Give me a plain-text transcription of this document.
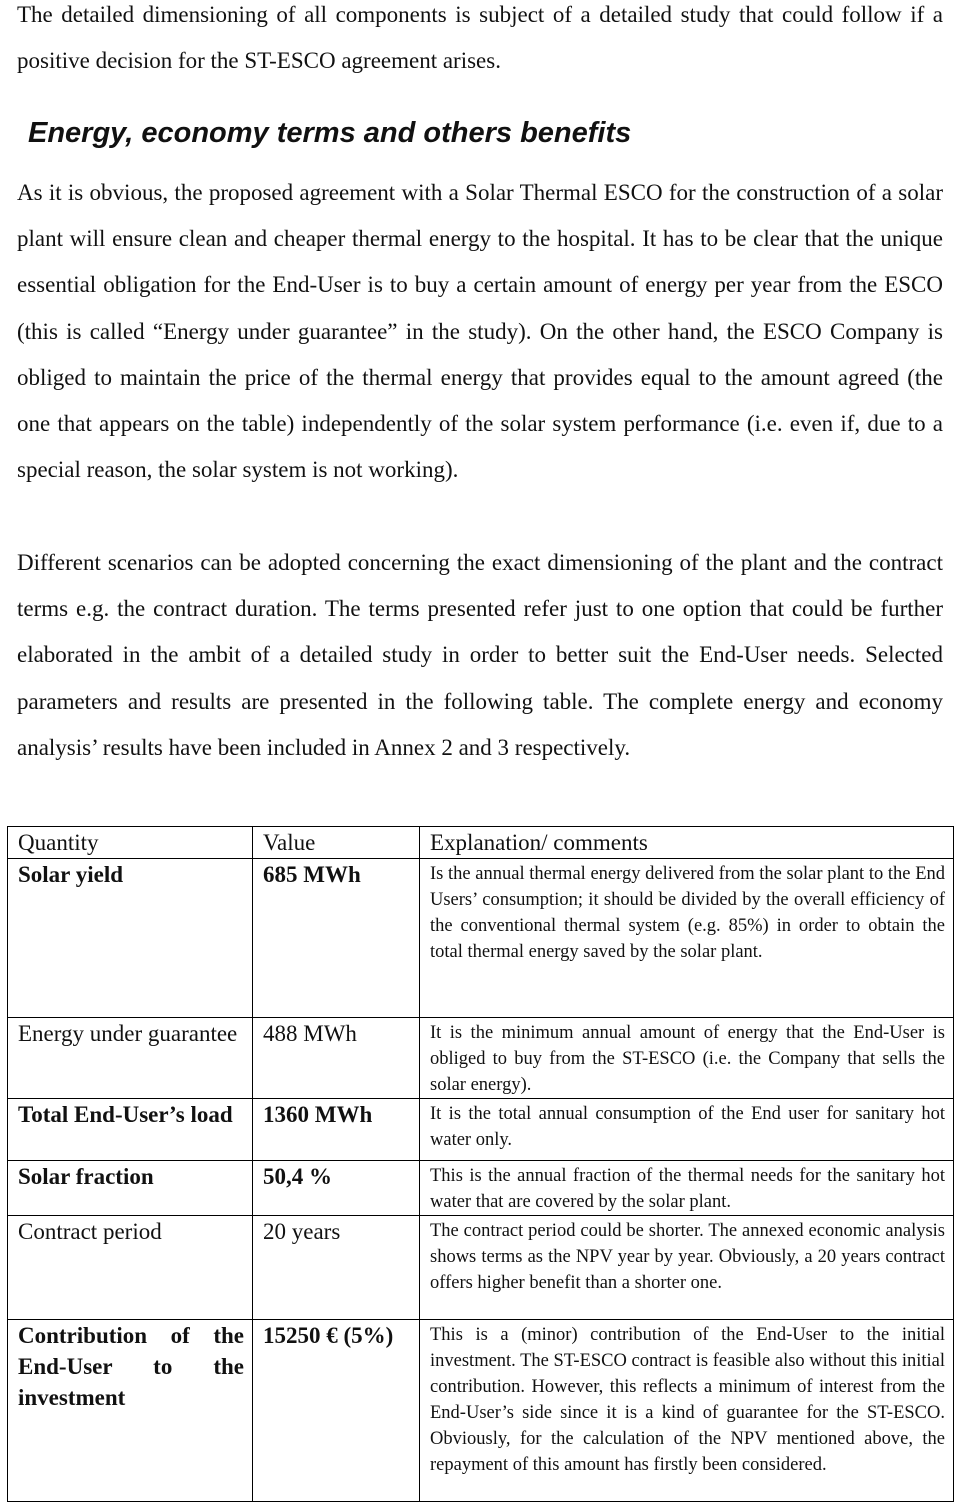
The detailed dimensioning of all components is subject of a detailed study that could follow if a positive decision for the ST-ESCO agreement arises.

Energy, economy terms and others benefits

As it is obvious, the proposed agreement with a Solar Thermal ESCO for the construction of a solar plant will ensure clean and cheaper thermal energy to the hospital. It has to be clear that the unique essential obligation for the End-User is to buy a certain amount of energy per year from the ESCO (this is called “Energy under guarantee” in the study). On the other hand, the ESCO Company is obliged to maintain the price of the thermal energy that provides equal to the amount agreed (the one that appears on the table) independently of the solar system performance (i.e. even if, due to a special reason, the solar system is not working).

Different scenarios can be adopted concerning the exact dimensioning of the plant and the contract terms e.g. the contract duration. The terms presented refer just to one option that could be further elaborated in the ambit of a detailed study in order to better suit the End-User needs. Selected parameters and results are presented in the following table. The complete energy and economy analysis’ results have been included in Annex 2 and 3 respectively.

Quantity	Value	Explanation/ comments
Solar yield	685 MWh	Is the annual thermal energy delivered from the solar plant to the End Users’ consumption; it should be divided by the overall efficiency of the conventional thermal system (e.g. 85%) in order to obtain the total thermal energy saved by the solar plant.
Energy under guarantee	488 MWh	It is the minimum annual amount of energy that the End-User is obliged to buy from the ST-ESCO (i.e. the Company that sells the solar energy).
Total End-User’s load	1360 MWh	It is the total annual consumption of the End user for sanitary hot water only.
Solar fraction	50,4 %	This is the annual fraction of the thermal needs for the sanitary hot water that are covered by the solar plant.
Contract period	20 years	The contract period could be shorter. The annexed economic analysis shows terms as the NPV year by year. Obviously, a 20 years contract offers higher benefit than a shorter one.
Contribution of the End-User to the investment	15250 € (5%)	This is a (minor) contribution of the End-User to the initial investment. The ST-ESCO contract is feasible also without this initial contribution. However, this reflects a minimum of interest from the End-User’s side since it is a kind of guarantee for the ST-ESCO. Obviously, for the calculation of the NPV mentioned above, the repayment of this amount has firstly been considered.
